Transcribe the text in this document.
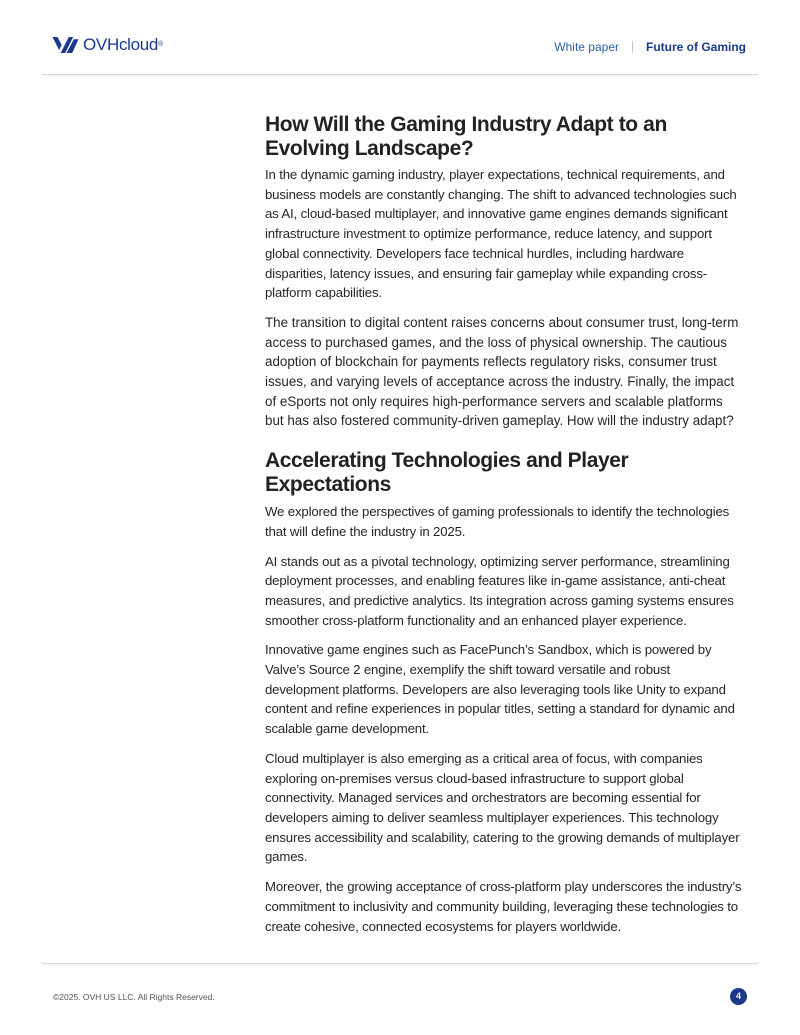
OVHcloud®	White paper Future of Gaming
How Will the Gaming Industry Adapt to an Evolving Landscape?

In the dynamic gaming industry, player expectations, technical requirements, and business models are constantly changing. The shift to advanced technologies such as AI, cloud-based multiplayer, and innovative game engines demands significant infrastructure investment to optimize performance, reduce latency, and support global connectivity. Developers face technical hurdles, including hardware disparities, latency issues, and ensuring fair gameplay while expanding cross-platform capabilities.

The transition to digital content raises concerns about consumer trust, long-term access to purchased games, and the loss of physical ownership. The cautious adoption of blockchain for payments reflects regulatory risks, consumer trust issues, and varying levels of acceptance across the industry. Finally, the impact of eSports not only requires high-performance servers and scalable platforms but has also fostered community-driven gameplay. How will the industry adapt?

Accelerating Technologies and Player Expectations

We explored the perspectives of gaming professionals to identify the technologies that will define the industry in 2025.

AI stands out as a pivotal technology, optimizing server performance, streamlining deployment processes, and enabling features like in-game assistance, anti-cheat measures, and predictive analytics. Its integration across gaming systems ensures smoother cross-platform functionality and an enhanced player experience.

Innovative game engines such as FacePunch’s Sandbox, which is powered by Valve’s Source 2 engine, exemplify the shift toward versatile and robust development platforms. Developers are also leveraging tools like Unity to expand content and refine experiences in popular titles, setting a standard for dynamic and scalable game development.

Cloud multiplayer is also emerging as a critical area of focus, with companies exploring on-premises versus cloud-based infrastructure to support global connectivity. Managed services and orchestrators are becoming essential for developers aiming to deliver seamless multiplayer experiences. This technology ensures accessibility and scalability, catering to the growing demands of multiplayer games.

Moreover, the growing acceptance of cross-platform play underscores the industry’s commitment to inclusivity and community building, leveraging these technologies to create cohesive, connected ecosystems for players worldwide.

©2025. OVH US LLC. All Rights Reserved.	4
